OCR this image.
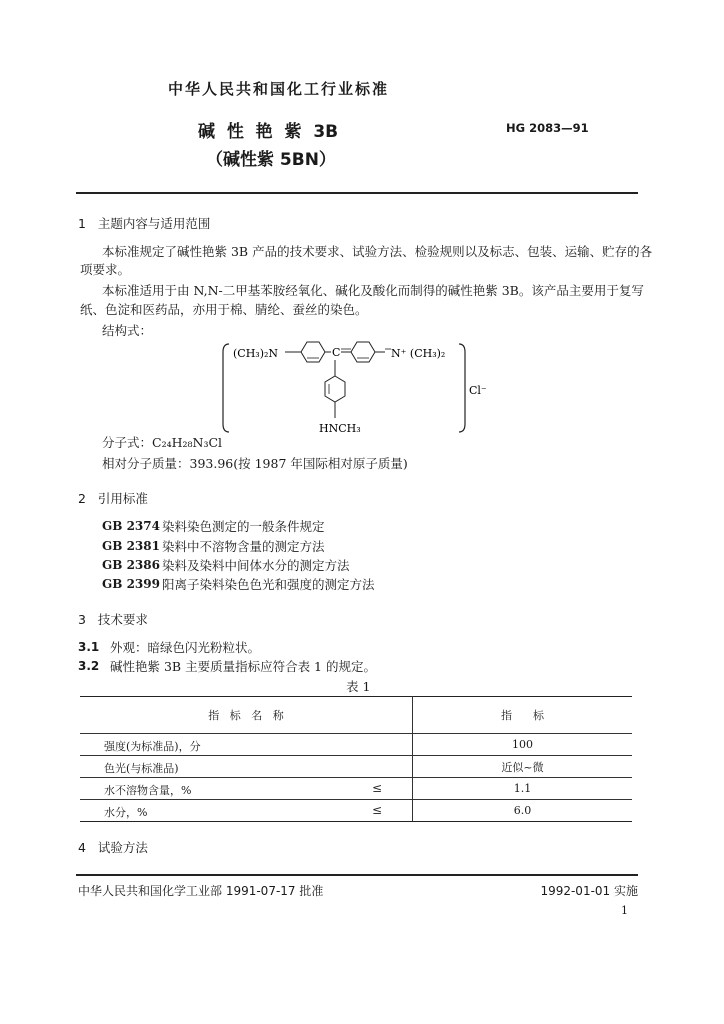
中华人民共和国化工行业标准
碱  性  艳  紫  3B
（碱性紫 5BN）
HG 2083—91
1   主题内容与适用范围
本标准规定了碱性艳紫 3B 产品的技术要求、试验方法、检验规则以及标志、包装、运输、贮存的各
项要求。
本标准适用于由 N,N-二甲基苯胺经氧化、碱化及酸化而制得的碱性艳紫 3B。该产品主要用于复写
纸、色淀和医药品，亦用于棉、腈纶、蚕丝的染色。
结构式：
(CH₃)₂N	C	N⁺ (CH₃)₂
HNCH₃
Cl⁻
分子式：C₂₄H₂₈N₃Cl
相对分子质量：393.96(按 1987 年国际相对原子质量)
2   引用标准
GB 2374 染料染色测定的一般条件规定
GB 2381 染料中不溶物含量的测定方法
GB 2386 染料及染料中间体水分的测定方法
GB 2399 阳离子染料染色色光和强度的测定方法
3   技术要求
3.1 外观：暗绿色闪光粉粒状。
3.2 碱性艳紫 3B 主要质量指标应符合表 1 的规定。
表 1
指   标   名   称	指      标

强度(为标准品)，分	100

色光(与标准品)	近似~微

水不溶物含量，% ≤	1.1

水分，% ≤	6.0
4   试验方法
中华人民共和国化学工业部 1991-07-17 批准	1992-01-01 实施
1
